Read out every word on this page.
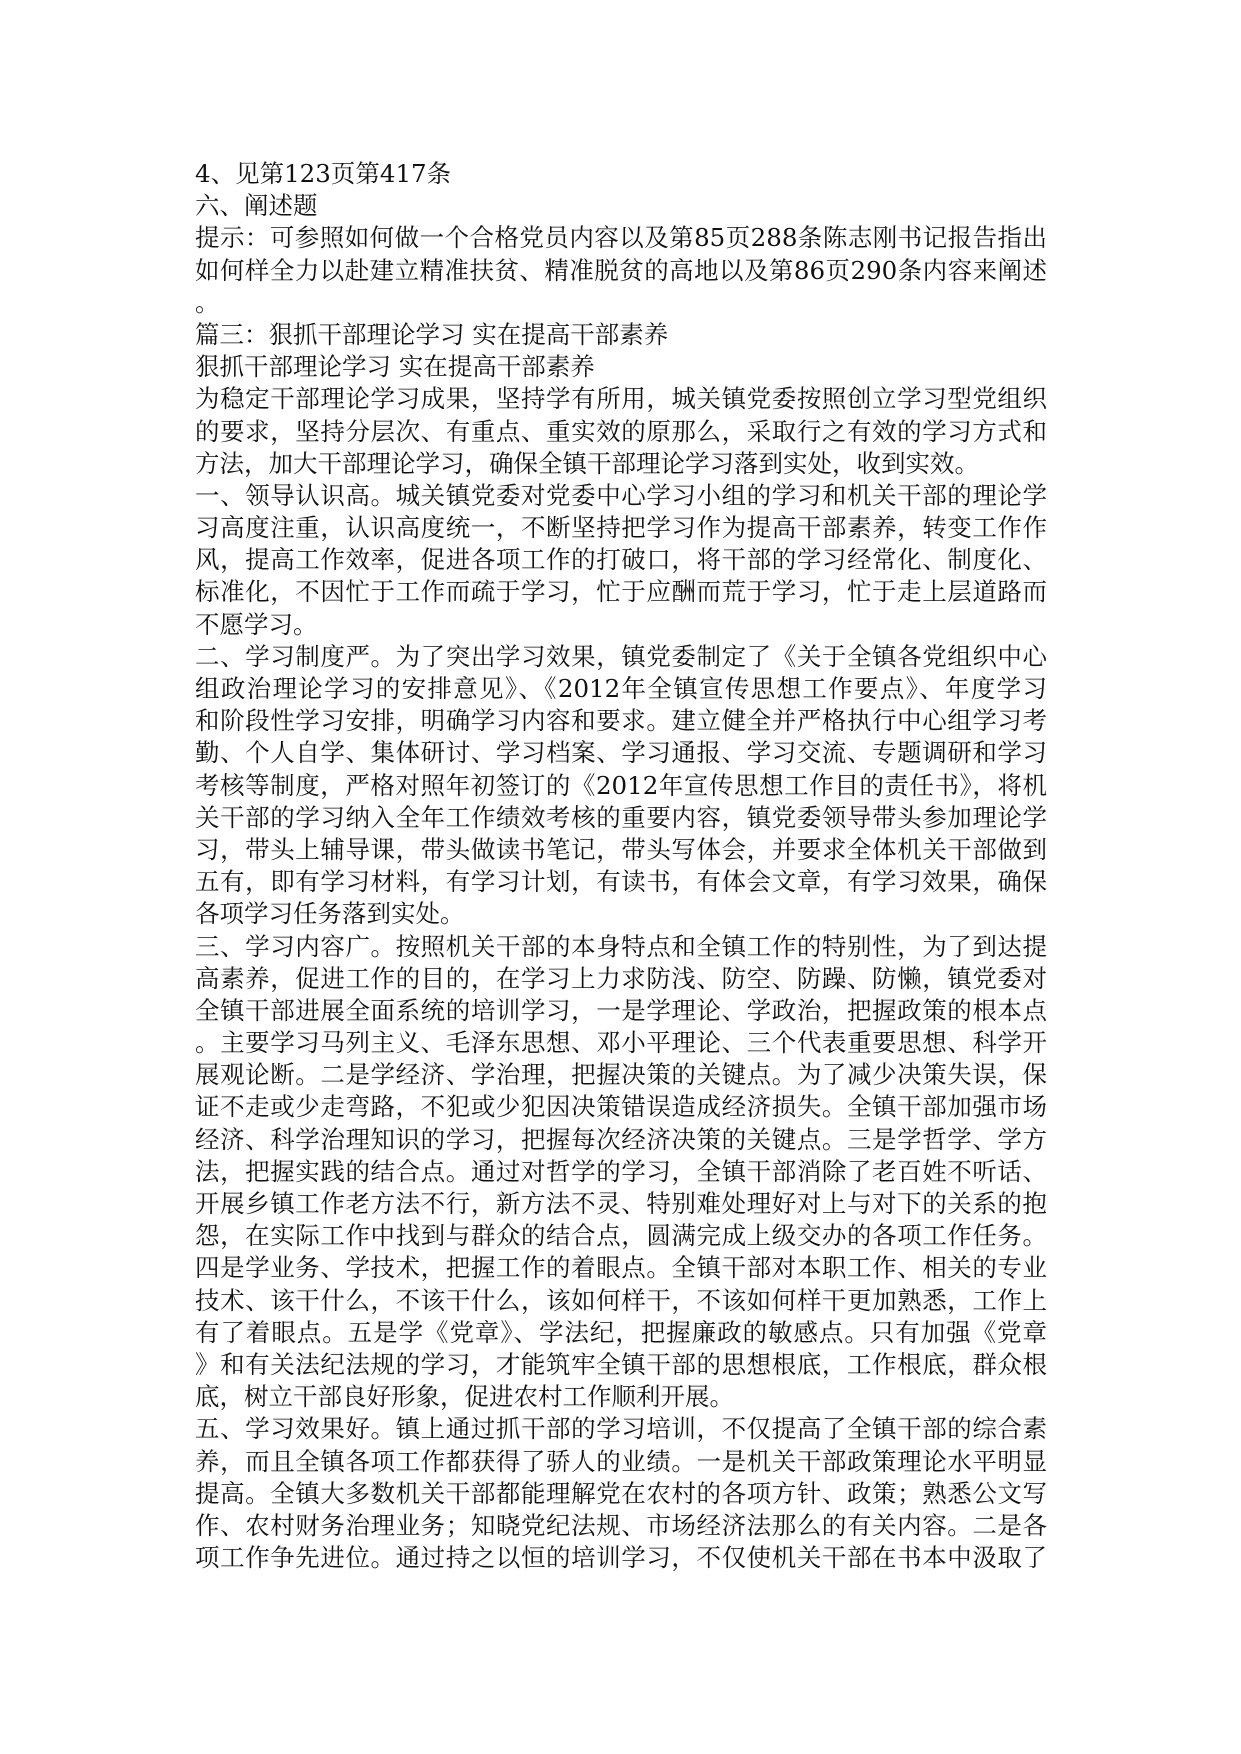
4、见第123页第417条
六、阐述题
提示：可参照如何做一个合格党员内容以及第85页288条陈志刚书记报告指出
如何样全力以赴建立精准扶贫、精准脱贫的高地以及第86页290条内容来阐述
。
篇三：狠抓干部理论学习 实在提高干部素养
狠抓干部理论学习 实在提高干部素养
为稳定干部理论学习成果，坚持学有所用，城关镇党委按照创立学习型党组织
的要求，坚持分层次、有重点、重实效的原那么，采取行之有效的学习方式和
方法，加大干部理论学习，确保全镇干部理论学习落到实处，收到实效。
一、领导认识高。城关镇党委对党委中心学习小组的学习和机关干部的理论学
习高度注重，认识高度统一，不断坚持把学习作为提高干部素养，转变工作作
风，提高工作效率，促进各项工作的打破口，将干部的学习经常化、制度化、
标准化，不因忙于工作而疏于学习，忙于应酬而荒于学习，忙于走上层道路而
不愿学习。
二、学习制度严。为了突出学习效果，镇党委制定了《关于全镇各党组织中心
组政治理论学习的安排意见》、《2012年全镇宣传思想工作要点》、年度学习
和阶段性学习安排，明确学习内容和要求。建立健全并严格执行中心组学习考
勤、个人自学、集体研讨、学习档案、学习通报、学习交流、专题调研和学习
考核等制度，严格对照年初签订的《2012年宣传思想工作目的责任书》，将机
关干部的学习纳入全年工作绩效考核的重要内容，镇党委领导带头参加理论学
习，带头上辅导课，带头做读书笔记，带头写体会，并要求全体机关干部做到
五有，即有学习材料，有学习计划，有读书，有体会文章，有学习效果，确保
各项学习任务落到实处。
三、学习内容广。按照机关干部的本身特点和全镇工作的特别性，为了到达提
高素养，促进工作的目的，在学习上力求防浅、防空、防躁、防懒，镇党委对
全镇干部进展全面系统的培训学习，一是学理论、学政治，把握政策的根本点
。主要学习马列主义、毛泽东思想、邓小平理论、三个代表重要思想、科学开
展观论断。二是学经济、学治理，把握决策的关键点。为了减少决策失误，保
证不走或少走弯路，不犯或少犯因决策错误造成经济损失。全镇干部加强市场
经济、科学治理知识的学习，把握每次经济决策的关键点。三是学哲学、学方
法，把握实践的结合点。通过对哲学的学习，全镇干部消除了老百姓不听话、
开展乡镇工作老方法不行，新方法不灵、特别难处理好对上与对下的关系的抱
怨，在实际工作中找到与群众的结合点，圆满完成上级交办的各项工作任务。
四是学业务、学技术，把握工作的着眼点。全镇干部对本职工作、相关的专业
技术、该干什么，不该干什么，该如何样干，不该如何样干更加熟悉，工作上
有了着眼点。五是学《党章》、学法纪，把握廉政的敏感点。只有加强《党章
》和有关法纪法规的学习，才能筑牢全镇干部的思想根底，工作根底，群众根
底，树立干部良好形象，促进农村工作顺利开展。
五、学习效果好。镇上通过抓干部的学习培训，不仅提高了全镇干部的综合素
养，而且全镇各项工作都获得了骄人的业绩。一是机关干部政策理论水平明显
提高。全镇大多数机关干部都能理解党在农村的各项方针、政策；熟悉公文写
作、农村财务治理业务；知晓党纪法规、市场经济法那么的有关内容。二是各
项工作争先进位。通过持之以恒的培训学习，不仅使机关干部在书本中汲取了
